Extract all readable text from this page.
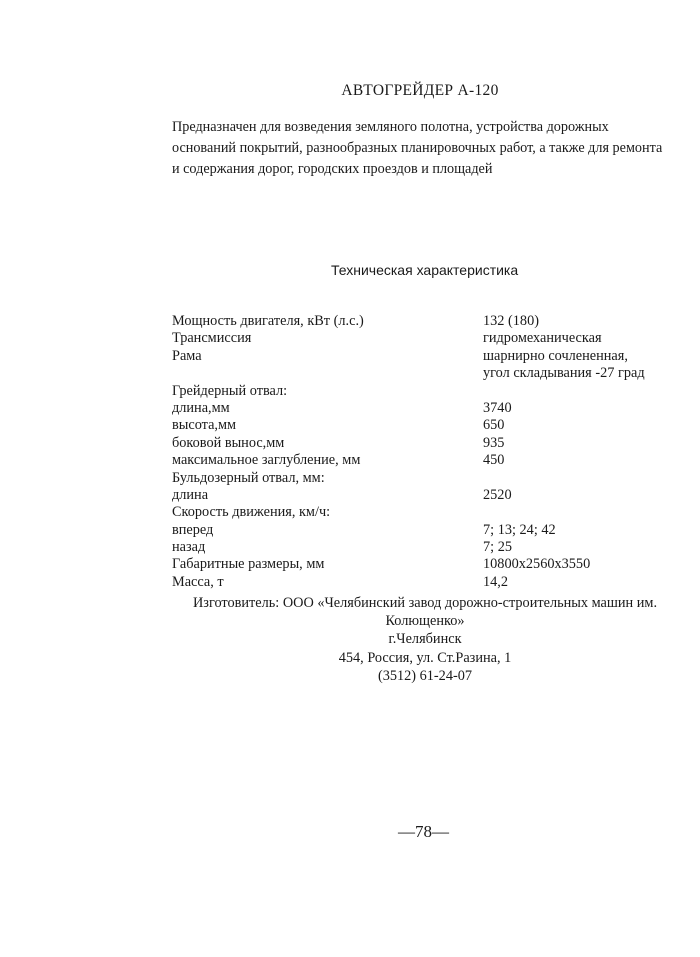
АВТОГРЕЙДЕР А-120
Предназначен для возведения земляного полотна, устройства дорожных
оснований покрытий, разнообразных планировочных работ, а также для ремонта
и содержания дорог, городских проездов и площадей
Техническая характеристика
Мощность двигателя, кВт (л.с.)	132 (180)
Трансмиссия	гидромеханическая
Рама	шарнирно сочлененная,
угол складывания -27 град
Грейдерный отвал:
длина,мм	3740
высота,мм	650
боковой вынос,мм	935
максимальное заглубление, мм	450
Бульдозерный отвал, мм:
длина	2520
Скорость движения, км/ч:
вперед	7; 13; 24; 42
назад	7; 25
Габаритные размеры, мм	10800х2560х3550
Масса, т	14,2
Изготовитель: ООО «Челябинский завод дорожно-строительных машин им.
Колющенко»
г.Челябинск
454, Россия, ул. Ст.Разина, 1
(3512) 61-24-07
—78—
